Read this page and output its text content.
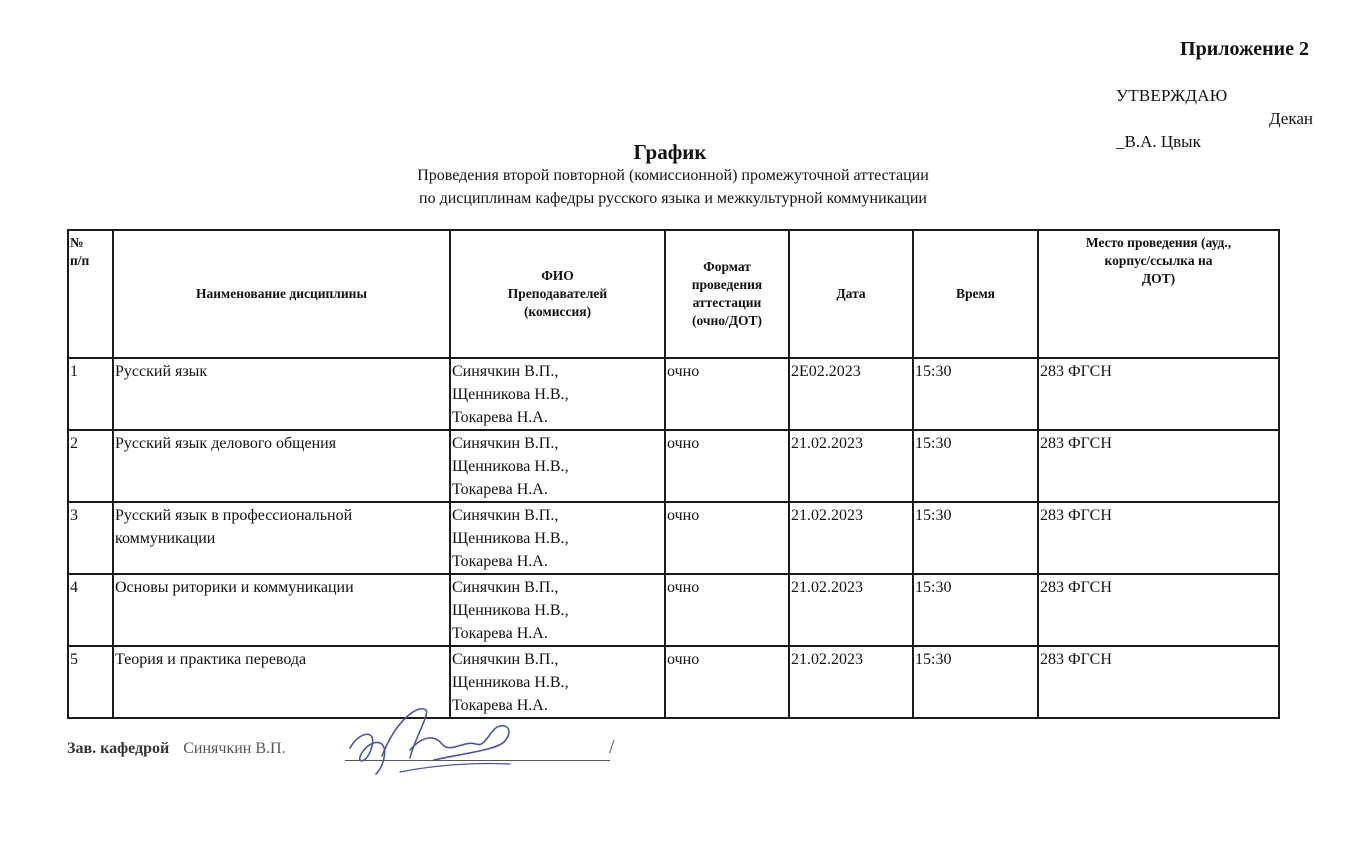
Приложение 2
УТВЕРЖДАЮ
Декан
_В.А. Цвык
График
Проведения второй повторной (комиссионной) промежуточной аттестации
по дисциплинам кафедры русского языка и межкультурной коммуникации
№
п/п	Наименование дисциплины	ФИО
Преподавателей
(комиссия)	Формат
проведения
аттестации
(очно/ДОТ)	Дата	Время	Место проведения (ауд.,
корпус/ссылка на
ДОТ)

1	Русский язык	Синячкин В.П.,
Щенникова Н.В.,
Токарева Н.А.	очно	2Е02.2023	15:30	283 ФГСН
2	Русский язык делового общения	Синячкин В.П.,
Щенникова Н.В.,
Токарева Н.А.	очно	21.02.2023	15:30	283 ФГСН
3	Русский язык в профессиональной
коммуникации	Синячкин В.П.,
Щенникова Н.В.,
Токарева Н.А.	очно	21.02.2023	15:30	283 ФГСН
4	Основы риторики и коммуникации	Синячкин В.П.,
Щенникова Н.В.,
Токарева Н.А.	очно	21.02.2023	15:30	283 ФГСН
5	Теория и практика перевода	Синячкин В.П.,
Щенникова Н.В.,
Токарева Н.А.	очно	21.02.2023	15:30	283 ФГСН
Зав. кафедрой Синячкин В.П.	/
